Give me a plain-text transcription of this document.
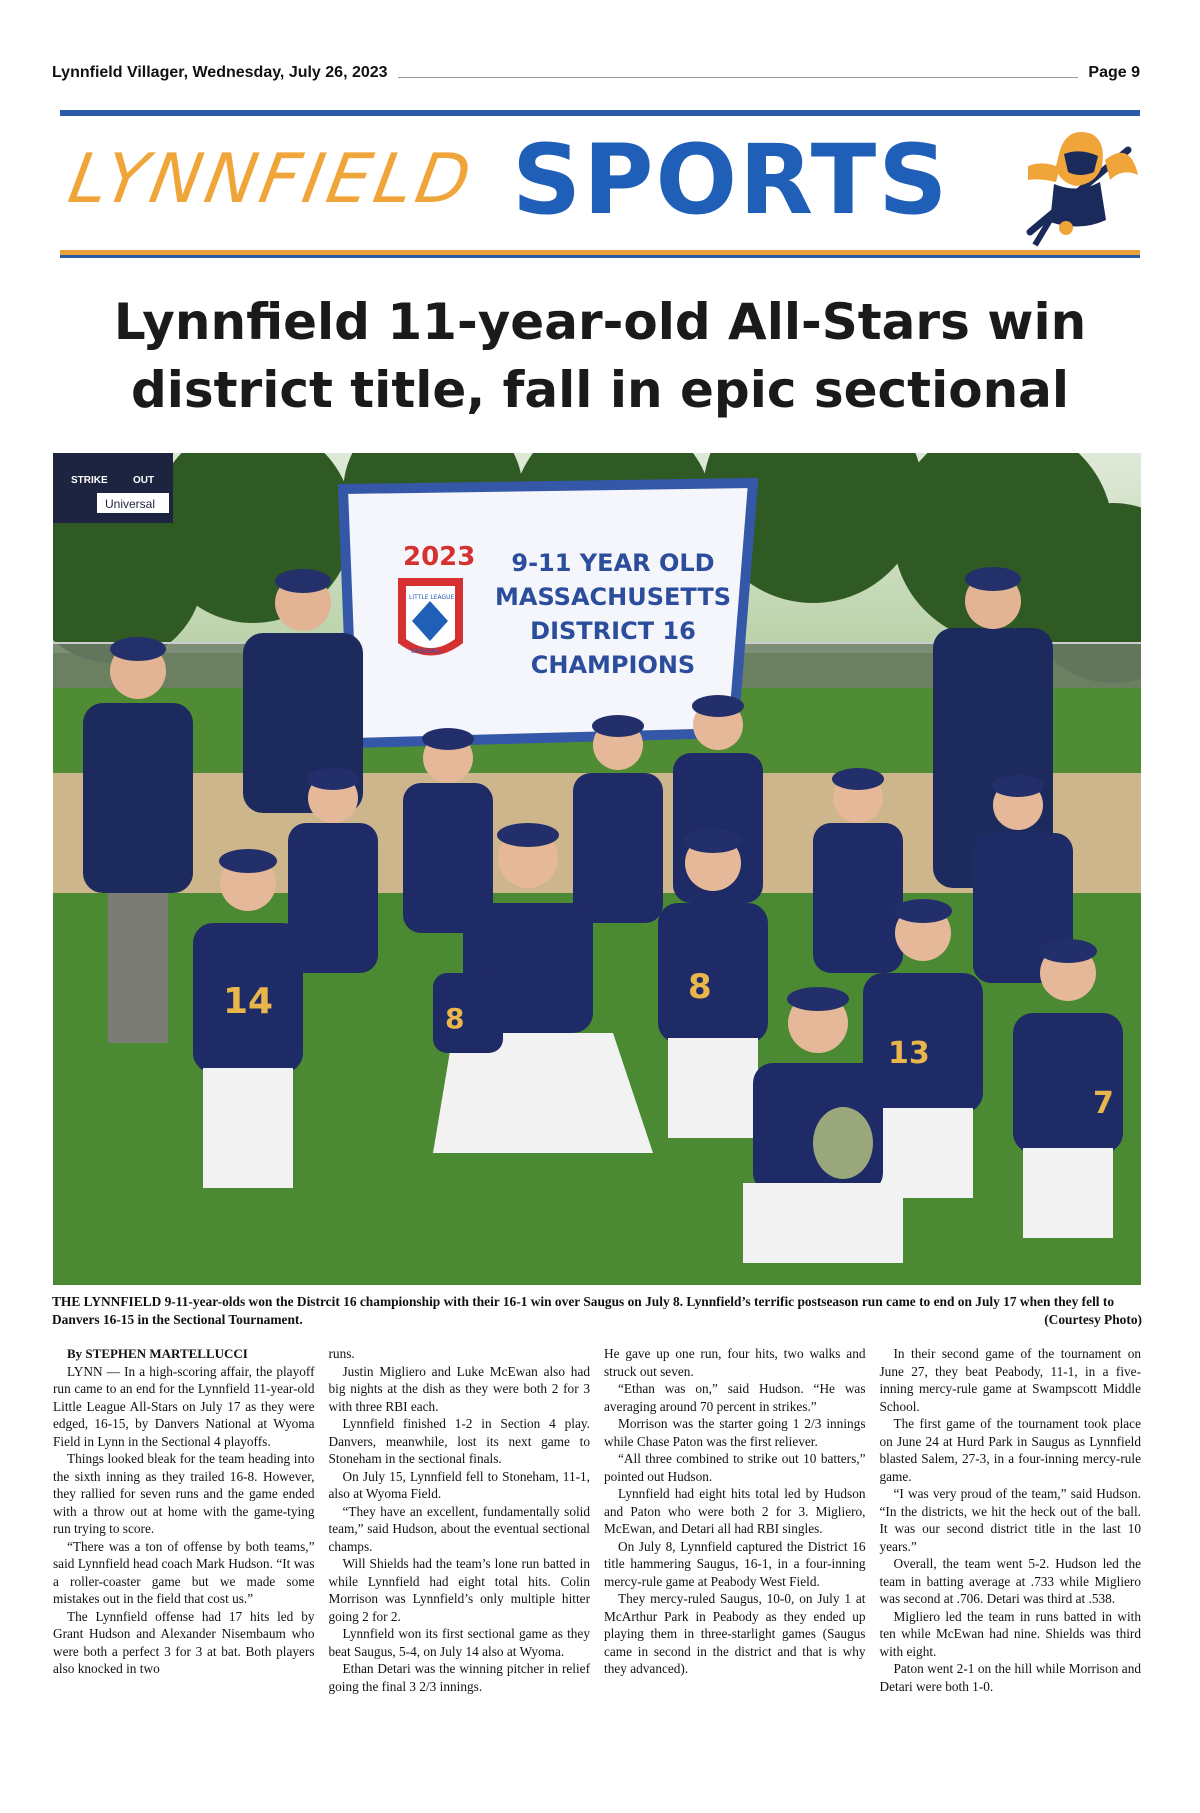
Lynnfield Villager, Wednesday, July 26, 2023	Page 9
LYNNFIELD SPORTS
Lynnfield 11-year-old All-Stars win
district title, fall in epic sectional
STRIKE	OUT
Universal
2023
LITTLE LEAGUE
BASEBALL
9-11 YEAR OLD
MASSACHUSETTS
DISTRICT 16
CHAMPIONS
14	8
8
13
7
THE LYNNFIELD 9-11-year-olds won the Distrcit 16 championship with their 16-1 win over Saugus on July 8. Lynnfield’s terrific postseason run came to end on July 17 when they fell to Danvers 16-15 in the Sectional Tournament.	(Courtesy Photo)

By STEPHEN MARTELLUCCI

LYNN — In a high-scoring affair, the playoff run came to an end for the Lynnfield 11-year-old Little League All-Stars on July 17 as they were edged, 16-15, by Danvers National at Wyoma Field in Lynn in the Sectional 4 playoffs.

Things looked bleak for the team heading into the sixth inning as they trailed 16-8. However, they rallied for seven runs and the game ended with a throw out at home with the game-tying run trying to score.

“There was a ton of offense by both teams,” said Lynnfield head coach Mark Hudson. “It was a roller-coaster game but we made some mistakes out in the field that cost us.”

The Lynnfield offense had 17 hits led by Grant Hudson and Alexander Nisembaum who were both a perfect 3 for 3 at bat. Both players also knocked in two

runs.

Justin Migliero and Luke McEwan also had big nights at the dish as they were both 2 for 3 with three RBI each.

Lynnfield finished 1-2 in Section 4 play. Danvers, meanwhile, lost its next game to Stoneham in the sectional finals.

On July 15, Lynnfield fell to Stoneham, 11-1, also at Wyoma Field.

“They have an excellent, fundamentally solid team,” said Hudson, about the eventual sectional champs.

Will Shields had the team’s lone run batted in while Lynnfield had eight total hits. Colin Morrison was Lynnfield’s only multiple hitter going 2 for 2.

Lynnfield won its first sectional game as they beat Saugus, 5-4, on July 14 also at Wyoma.

Ethan Detari was the winning pitcher in relief going the final 3 2/3 innings.

He gave up one run, four hits, two walks and struck out seven.

“Ethan was on,” said Hudson. “He was averaging around 70 percent in strikes.”

Morrison was the starter going 1 2/3 innings while Chase Paton was the first reliever.

“All three combined to strike out 10 batters,” pointed out Hudson.

Lynnfield had eight hits total led by Hudson and Paton who were both 2 for 3. Migliero, McEwan, and Detari all had RBI singles.

On July 8, Lynnfield captured the District 16 title hammering Saugus, 16-1, in a four-inning mercy-rule game at Peabody West Field.

They mercy-ruled Saugus, 10-0, on July 1 at McArthur Park in Peabody as they ended up playing them in three-starlight games (Saugus came in second in the district and that is why they advanced).

In their second game of the tournament on June 27, they beat Peabody, 11-1, in a five-inning mercy-rule game at Swampscott Middle School.

The first game of the tournament took place on June 24 at Hurd Park in Saugus as Lynnfield blasted Salem, 27-3, in a four-inning mercy-rule game.

“I was very proud of the team,” said Hudson. “In the districts, we hit the heck out of the ball. It was our second district title in the last 10 years.”

Overall, the team went 5-2. Hudson led the team in batting average at .733 while Migliero was second at .706. Detari was third at .538.

Migliero led the team in runs batted in with ten while McEwan had nine. Shields was third with eight.

Paton went 2-1 on the hill while Morrison and Detari were both 1-0.
